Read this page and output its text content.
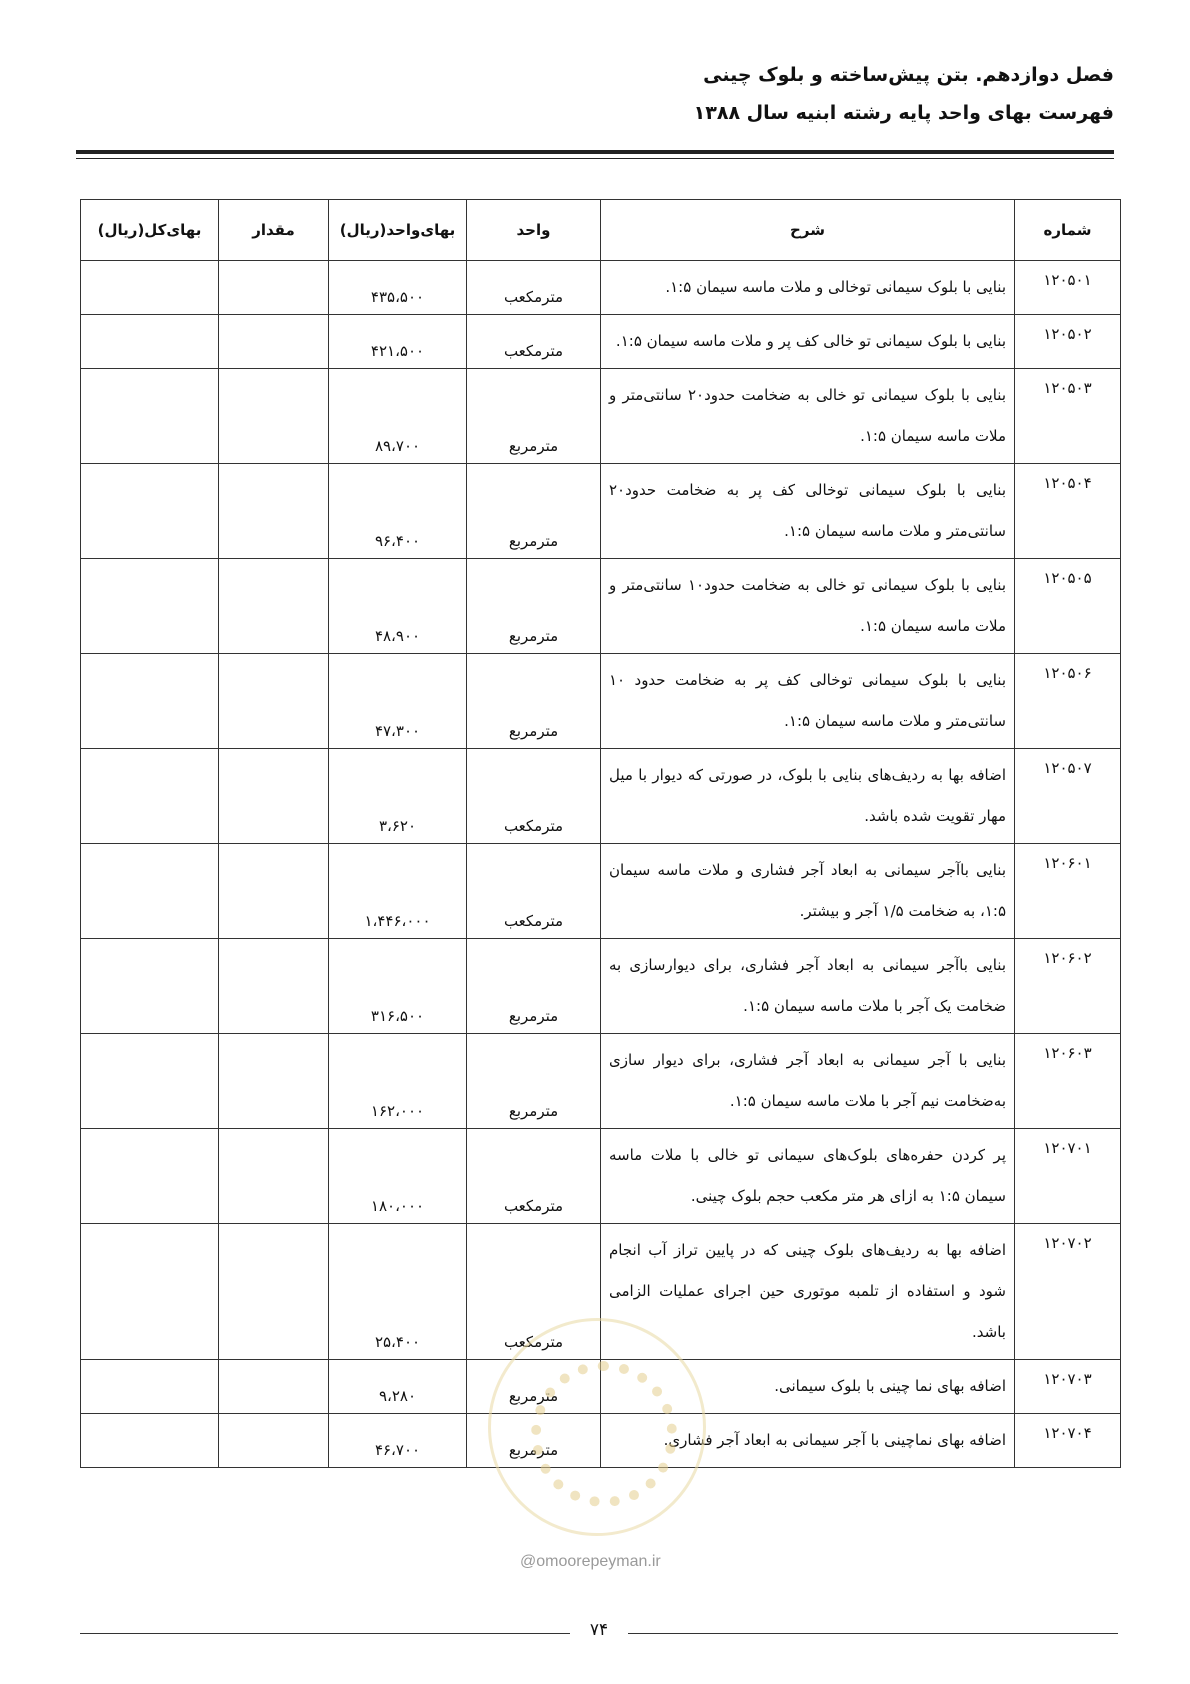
فصل دوازدهم. بتن پیش‌ساخته و بلوک چینی
فهرست بهای واحد پایه رشته ابنیه سال ۱۳۸۸
شماره	شرح	واحد	بهای‌واحد(ریال)	مقدار	بهای‌کل(ریال)
۱۲۰۵۰۱	بنایی با بلوک سیمانی توخالی و ملات ماسه سیمان ۱:۵.	مترمکعب	۴۳۵،۵۰۰		
۱۲۰۵۰۲	بنایی با بلوک سیمانی تو خالی کف پر و ملات ماسه سیمان ۱:۵.	مترمکعب	۴۲۱،۵۰۰		
۱۲۰۵۰۳	بنایی با بلوک سیمانی تو خالی به ضخامت حدود۲۰ سانتی‌متر و ملات ماسه سیمان ۱:۵.	مترمربع	۸۹،۷۰۰		
۱۲۰۵۰۴	بنایی با بلوک سیمانی توخالی کف پر به ضخامت حدود۲۰ سانتی‌متر و ملات ماسه سیمان ۱:۵.	مترمربع	۹۶،۴۰۰		
۱۲۰۵۰۵	بنایی با بلوک سیمانی تو خالی به ضخامت حدود۱۰ سانتی‌متر و ملات ماسه سیمان ۱:۵.	مترمربع	۴۸،۹۰۰		
۱۲۰۵۰۶	بنایی با بلوک سیمانی توخالی کف پر به ضخامت حدود ۱۰ سانتی‌متر و ملات ماسه سیمان ۱:۵.	مترمربع	۴۷،۳۰۰		
۱۲۰۵۰۷	اضافه بها به ردیف‌های بنایی با بلوک، در صورتی که دیوار با میل مهار تقویت شده باشد.	مترمکعب	۳،۶۲۰		
۱۲۰۶۰۱	بنایی باآجر سیمانی به ابعاد آجر فشاری و ملات ماسه سیمان ۱:۵، به ضخامت ۱/۵ آجر و بیشتر.	مترمکعب	۱،۴۴۶،۰۰۰		
۱۲۰۶۰۲	بنایی باآجر سیمانی به ابعاد آجر فشاری، برای دیوارسازی به ضخامت یک آجر با ملات ماسه سیمان ۱:۵.	مترمربع	۳۱۶،۵۰۰		
۱۲۰۶۰۳	بنایی با آجر سیمانی به ابعاد آجر فشاری، برای دیوار سازی به‌ضخامت نیم آجر با ملات ماسه سیمان ۱:۵.	مترمربع	۱۶۲،۰۰۰		
۱۲۰۷۰۱	پر کردن حفره‌های بلوک‌های سیمانی تو خالی با ملات ماسه سیمان ۱:۵ به ازای هر متر مکعب حجم بلوک چینی.	مترمکعب	۱۸۰،۰۰۰		
۱۲۰۷۰۲	اضافه بها به ردیف‌های بلوک چینی که در پایین تراز آب انجام شود و استفاده از تلمبه موتوری حین اجرای عملیات الزامی باشد.	مترمکعب	۲۵،۴۰۰		
۱۲۰۷۰۳	اضافه بهای نما چینی با بلوک سیمانی.	مترمربع	۹،۲۸۰		
۱۲۰۷۰۴	اضافه بهای نماچینی با آجر سیمانی به ابعاد آجر فشاری.	مترمربع	۴۶،۷۰۰		
@omoorepeyman.ir
۷۴
